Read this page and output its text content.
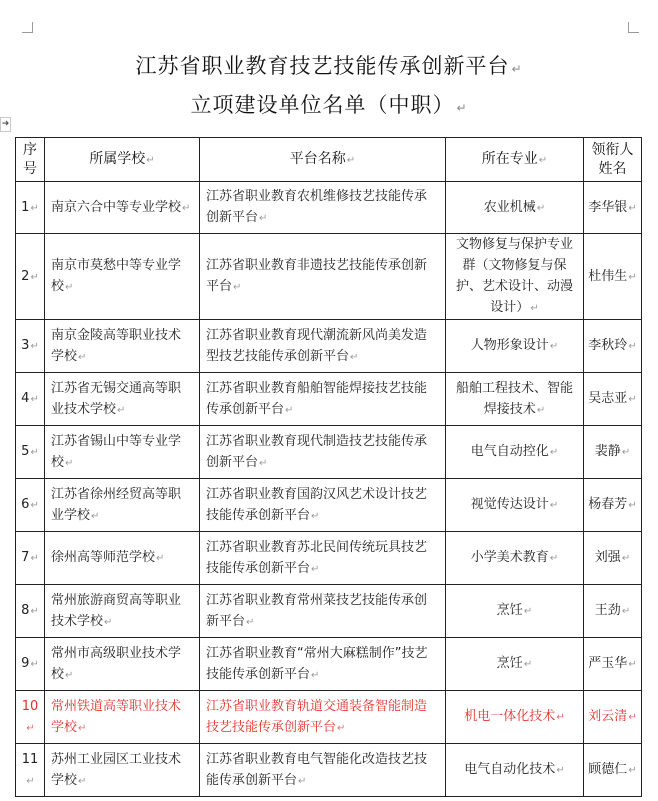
➜
江苏省职业教育技艺技能传承创新平台 ↵
立项建设单位名单（中职） ↵
序号	所属学校↵	平台名称↵	所在专业↵	领衔人姓名
1↵	南京六合中等专业学校↵	江苏省职业教育农机维修技艺技能传承创新平台↵	农业机械↵	李华银↵
2↵	南京市莫愁中等专业学校↵	江苏省职业教育非遗技艺技能传承创新平台↵	文物修复与保护专业群（文物修复与保护、艺术设计、动漫设计）↵	杜伟生↵
3↵	南京金陵高等职业技术学校↵	江苏省职业教育现代潮流新风尚美发造型技艺技能传承创新平台↵	人物形象设计↵	李秋玲↵
4↵	江苏省无锡交通高等职业技术学校↵	江苏省职业教育船舶智能焊接技艺技能传承创新平台↵	船舶工程技术、智能焊接技术↵	吴志亚↵
5↵	江苏省锡山中等专业学校↵	江苏省职业教育现代制造技艺技能传承创新平台↵	电气自动控化↵	裴静↵
6↵	江苏省徐州经贸高等职业学校↵	江苏省职业教育国韵汉风艺术设计技艺技能传承创新平台↵	视觉传达设计↵	杨春芳↵
7↵	徐州高等师范学校↵	江苏省职业教育苏北民间传统玩具技艺技能传承创新平台↵	小学美术教育↵	刘强↵
8↵	常州旅游商贸高等职业技术学校↵	江苏省职业教育常州菜技艺技能传承创新平台↵	烹饪↵	王劲↵
9↵	常州市高级职业技术学校↵	江苏省职业教育“常州大麻糕制作”技艺技能传承创新平台↵	烹饪↵	严玉华↵
10↵	常州铁道高等职业技术学校↵	江苏省职业教育轨道交通装备智能制造技艺技能传承创新平台↵	机电一体化技术↵	刘云清↵
11↵	苏州工业园区工业技术学校↵	江苏省职业教育电气智能化改造技艺技能传承创新平台↵	电气自动化技术↵	顾德仁↵
